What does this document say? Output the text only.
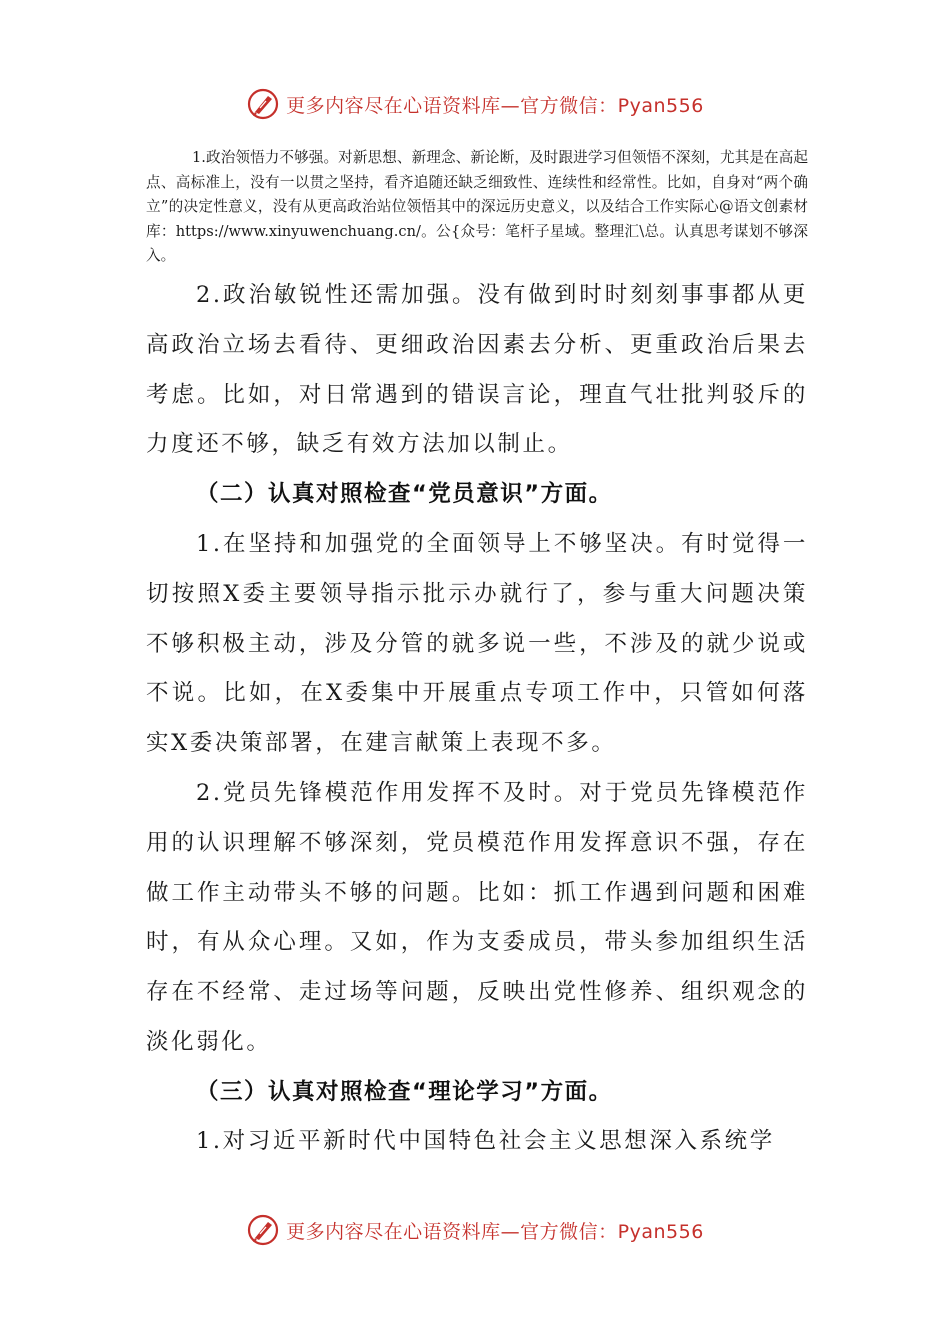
更多内容尽在心语资料库—官方微信：Pyan556
1.政治领悟力不够强。对新思想、新理念、新论断，及时跟进学习但领悟不深刻，尤其是在高起点、高标准上，没有一以贯之坚持，看齐追随还缺乏细致性、连续性和经常性。比如，自身对“两个确立”的决定性意义，没有从更高政治站位领悟其中的深远历史意义，以及结合工作实际心@语文创素材库：https://www.xinyuwenchuang.cn/。公{众号：笔杆子星域。整理汇\总。认真思考谋划不够深入。
2.政治敏锐性还需加强。没有做到时时刻刻事事都从更高政治立场去看待、更细政治因素去分析、更重政治后果去考虑。比如，对日常遇到的错误言论，理直气壮批判驳斥的力度还不够，缺乏有效方法加以制止。
（二）认真对照检查“党员意识”方面。
1.在坚持和加强党的全面领导上不够坚决。有时觉得一切按照X委主要领导指示批示办就行了，参与重大问题决策不够积极主动，涉及分管的就多说一些，不涉及的就少说或不说。比如，在X委集中开展重点专项工作中，只管如何落实X委决策部署，在建言献策上表现不多。
2.党员先锋模范作用发挥不及时。对于党员先锋模范作用的认识理解不够深刻，党员模范作用发挥意识不强，存在做工作主动带头不够的问题。比如：抓工作遇到问题和困难时，有从众心理。又如，作为支委成员，带头参加组织生活存在不经常、走过场等问题，反映出党性修养、组织观念的淡化弱化。
（三）认真对照检查“理论学习”方面。
1.对习近平新时代中国特色社会主义思想深入系统学
更多内容尽在心语资料库—官方微信：Pyan556
